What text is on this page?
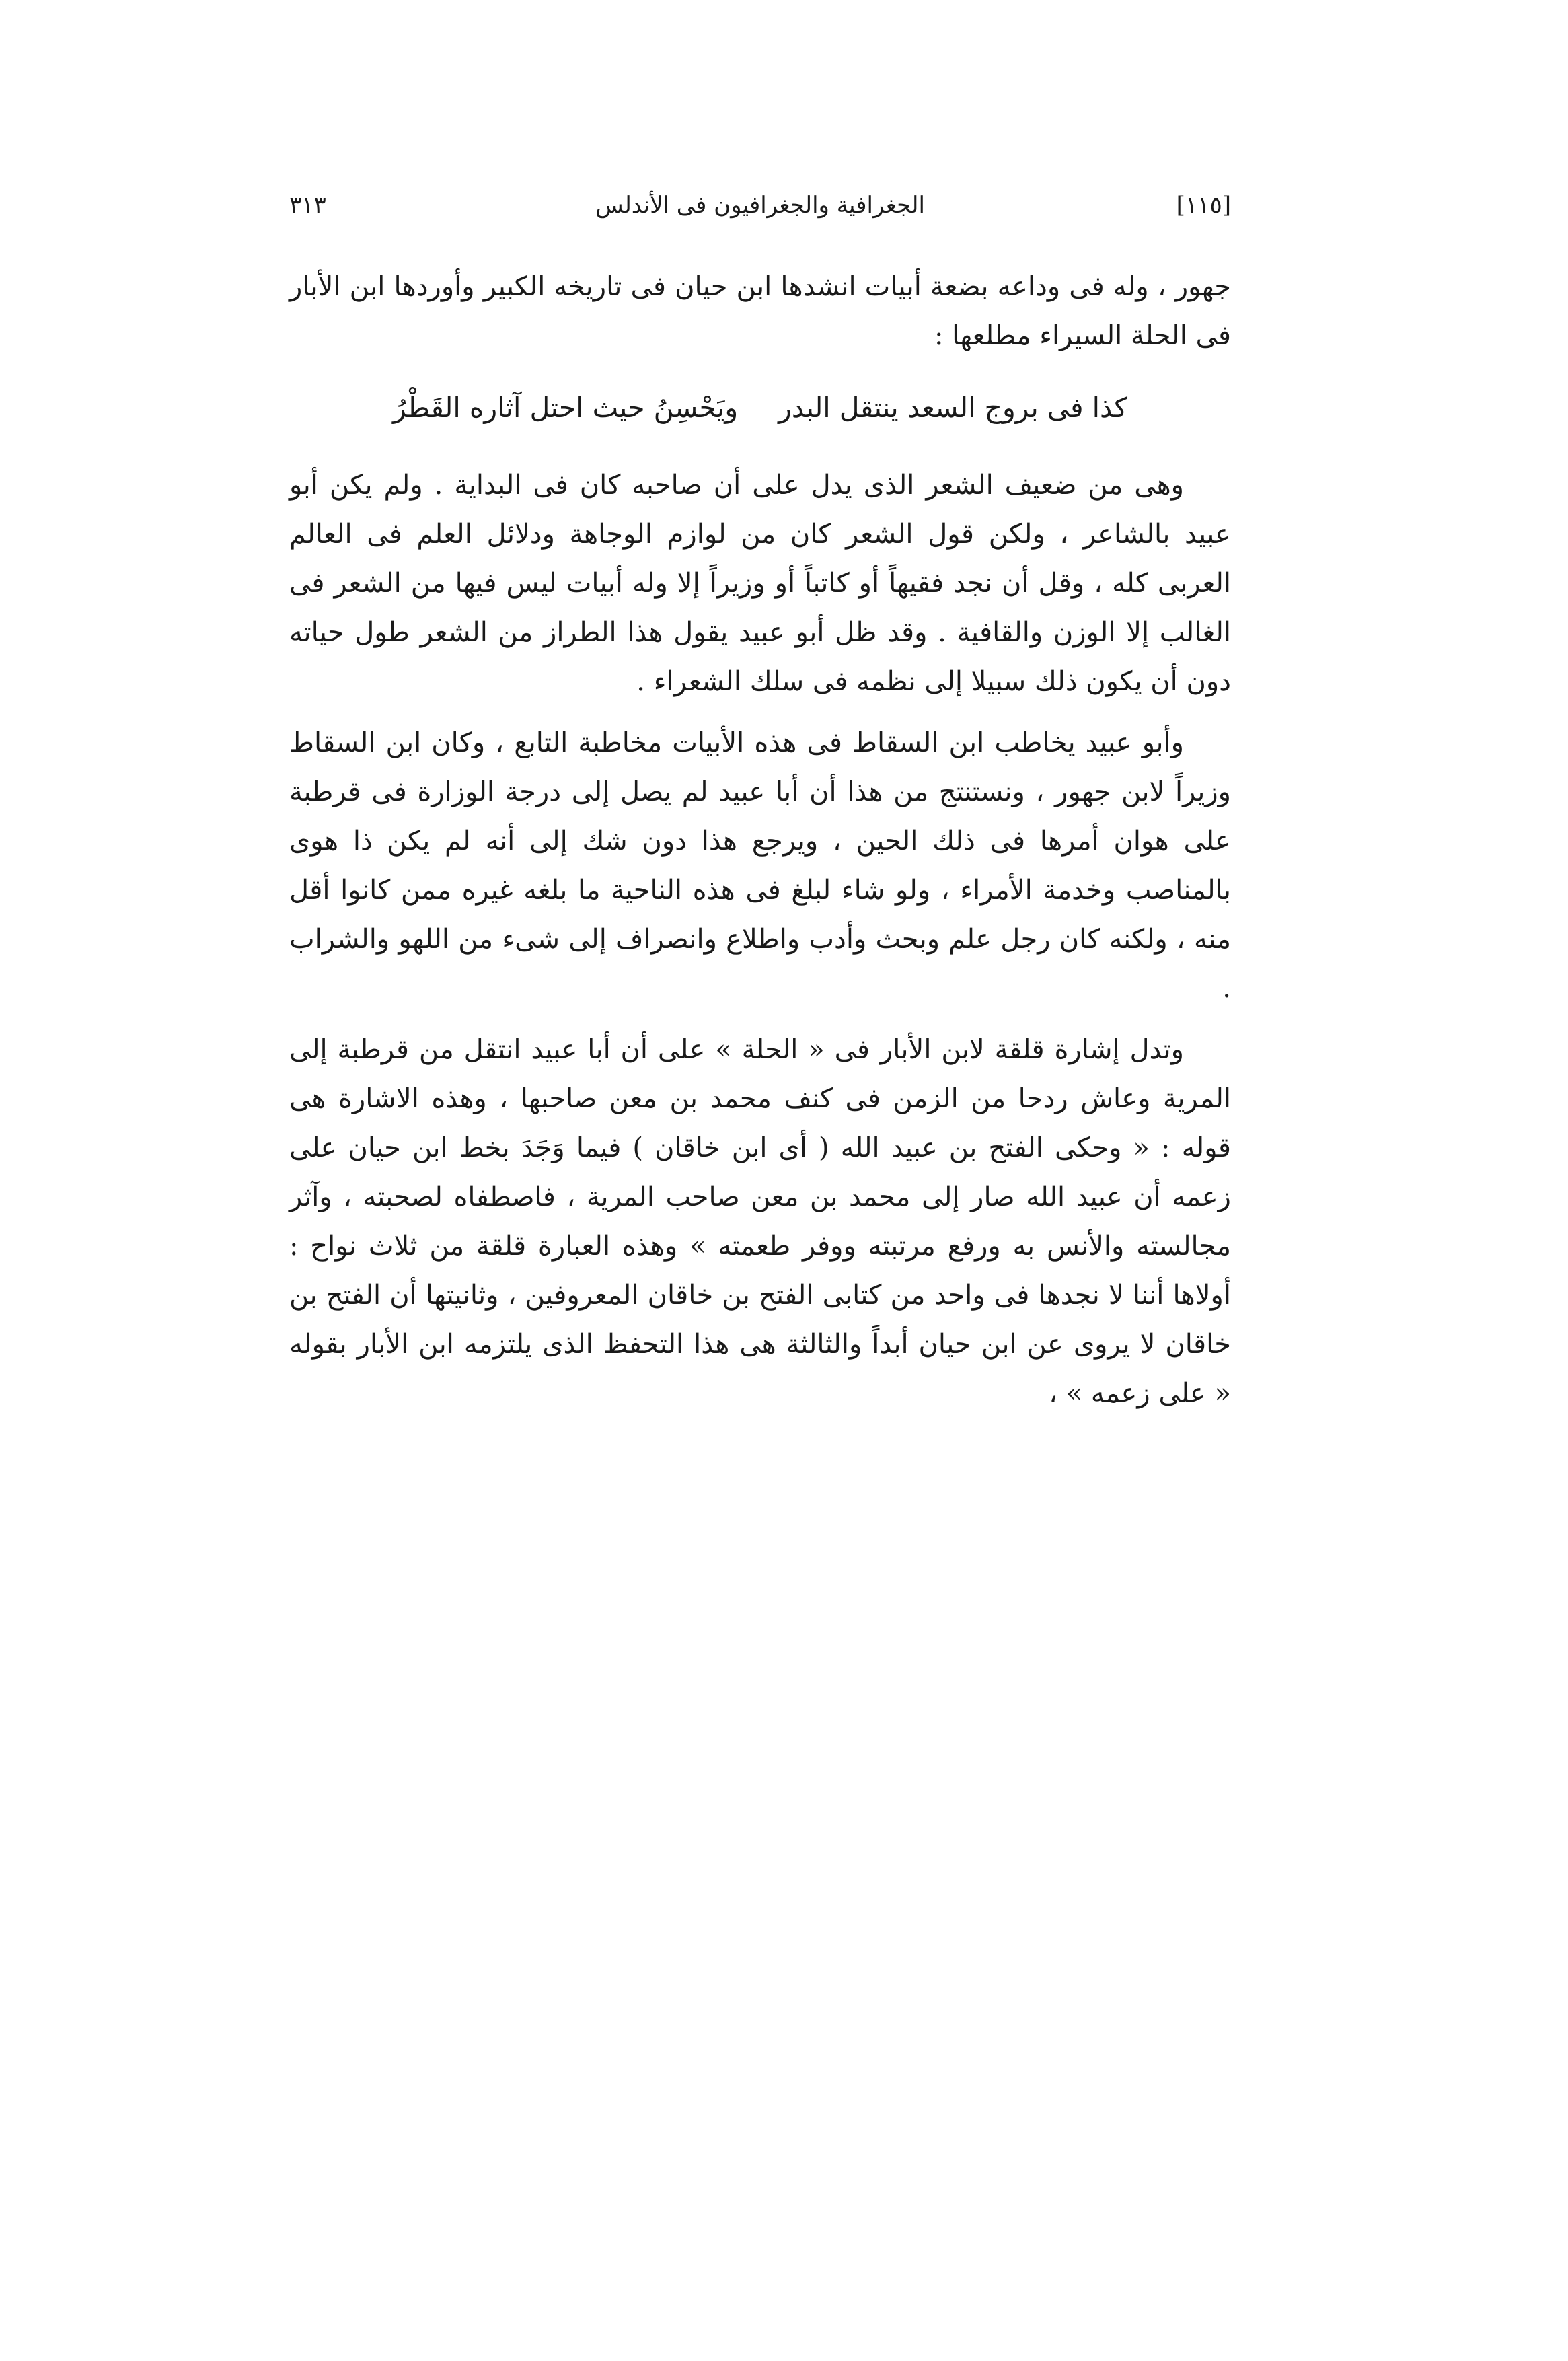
٣١٣	الجغرافية والجغرافيون فى الأندلس	[١١٥]

جهور ، وله فى وداعه بضعة أبيات انشدها ابن حيان فى تاريخه الكبير وأوردها ابن الأبار فى الحلة السيراء مطلعها :

كذا فى بروج السعد ينتقل البدر
ويَحْسِنُ حيث احتل آثاره القَطْرُ

وهى من ضعيف الشعر الذى يدل على أن صاحبه كان فى البداية . ولم يكن أبو عبيد بالشاعر ، ولكن قول الشعر كان من لوازم الوجاهة ودلائل العلم فى العالم العربى كله ، وقل أن نجد فقيهاً أو كاتباً أو وزيراً إلا وله أبيات ليس فيها من الشعر فى الغالب إلا الوزن والقافية . وقد ظل أبو عبيد يقول هذا الطراز من الشعر طول حياته دون أن يكون ذلك سبيلا إلى نظمه فى سلك الشعراء .

وأبو عبيد يخاطب ابن السقاط فى هذه الأبيات مخاطبة التابع ، وكان ابن السقاط وزيراً لابن جهور ، ونستنتج من هذا أن أبا عبيد لم يصل إلى درجة الوزارة فى قرطبة على هوان أمرها فى ذلك الحين ، ويرجع هذا دون شك إلى أنه لم يكن ذا هوى بالمناصب وخدمة الأمراء ، ولو شاء لبلغ فى هذه الناحية ما بلغه غيره ممن كانوا أقل منه ، ولكنه كان رجل علم وبحث وأدب واطلاع وانصراف إلى شىء من اللهو والشراب .

وتدل إشارة قلقة لابن الأبار فى « الحلة » على أن أبا عبيد انتقل من قرطبة إلى المرية وعاش ردحا من الزمن فى كنف محمد بن معن صاحبها ، وهذه الاشارة هى قوله : « وحكى الفتح بن عبيد الله ( أى ابن خاقان ) فيما وَجَدَ بخط ابن حيان على زعمه أن عبيد الله صار إلى محمد بن معن صاحب المرية ، فاصطفاه لصحبته ، وآثر مجالسته والأنس به ورفع مرتبته ووفر طعمته » وهذه العبارة قلقة من ثلاث نواح : أولاها أننا لا نجدها فى واحد من كتابى الفتح بن خاقان المعروفين ، وثانيتها أن الفتح بن خاقان لا يروى عن ابن حيان أبداً والثالثة هى هذا التحفظ الذى يلتزمه ابن الأبار بقوله « على زعمه » ،
